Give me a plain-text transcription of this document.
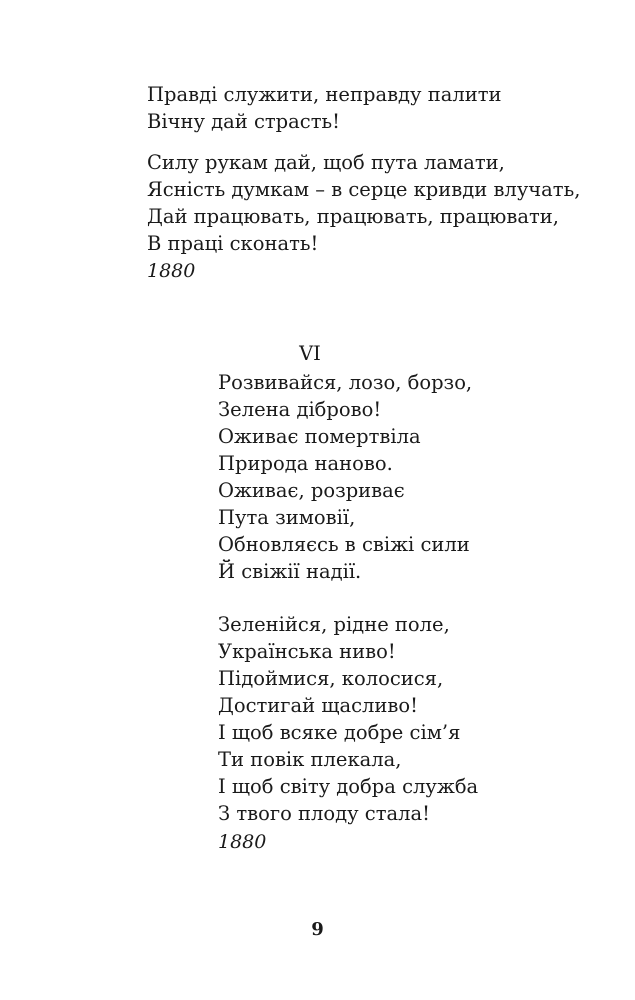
Правді служити, неправду палити
Вічну дай страсть!
Силу рукам дай, щоб пута ламати,
Ясність думкам – в серце кривди влучать,
Дай працювать, працювать, працювати,
В праці сконать!
1880
VI
Розвивайся, лозо, борзо,
Зелена діброво!
Оживає помертвіла
Природа наново.
Оживає, розриває
Пута зимовії,
Обновляєсь в свіжі сили
Й свіжії надії.
Зеленійся, рідне поле,
Українська ниво!
Підоймися, колосися,
Достигай щасливо!
І щоб всяке добре сім’я
Ти повік плекала,
І щоб світу добра служба
З твого плоду стала!
1880
9
